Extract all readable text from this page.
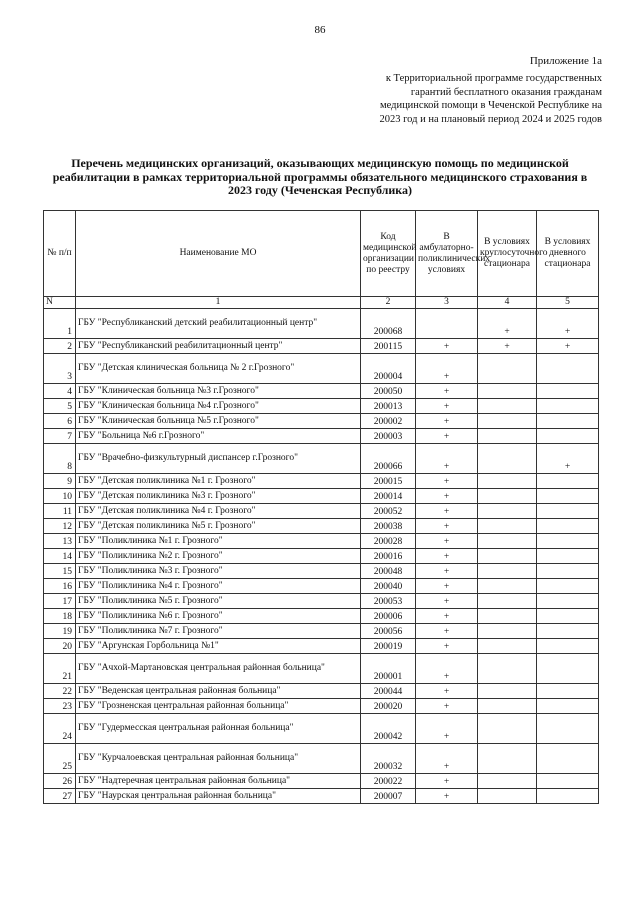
86
Приложение 1а
к Территориальной программе государственных
гарантий бесплатного оказания гражданам
медицинской помощи в Чеченской Республике на
2023 год и на плановый период 2024 и 2025 годов
Перечень медицинских организаций, оказывающих медицинскую помощь по медицинской реабилитации в рамках территориальной программы обязательного медицинского страхования в 2023 году (Чеченская Республика)
№ п/п	Наименование МО	Код медицинской организации по реестру	В амбулаторно-поликлинических условиях	В условиях круглосуточного стационара	В условиях дневного стационара
N	1	2	3	4	5
1	ГБУ "Республиканский детский реабилитационный центр"	200068		+	+
2	ГБУ "Республиканский реабилитационный центр"	200115	+	+	+
3	ГБУ "Детская клиническая больница № 2 г.Грозного"	200004	+		
4	ГБУ "Клиническая больница №3 г.Грозного"	200050	+		
5	ГБУ "Клиническая больница №4 г.Грозного"	200013	+		
6	ГБУ "Клиническая больница №5 г.Грозного"	200002	+		
7	ГБУ "Больница №6 г.Грозного"	200003	+		
8	ГБУ "Врачебно-физкультурный диспансер г.Грозного"	200066	+		+
9	ГБУ "Детская поликлиника №1 г. Грозного"	200015	+		
10	ГБУ "Детская поликлиника №3 г. Грозного"	200014	+		
11	ГБУ "Детская поликлиника №4 г. Грозного"	200052	+		
12	ГБУ "Детская поликлиника №5 г. Грозного"	200038	+		
13	ГБУ "Поликлиника №1 г. Грозного"	200028	+		
14	ГБУ "Поликлиника №2 г. Грозного"	200016	+		
15	ГБУ "Поликлиника №3 г. Грозного"	200048	+		
16	ГБУ "Поликлиника №4 г. Грозного"	200040	+		
17	ГБУ "Поликлиника №5 г. Грозного"	200053	+		
18	ГБУ "Поликлиника №6 г. Грозного"	200006	+		
19	ГБУ "Поликлиника №7 г. Грозного"	200056	+		
20	ГБУ "Аргунская Горбольница №1"	200019	+		
21	ГБУ "Ачхой-Мартановская центральная районная больница"	200001	+		
22	ГБУ "Веденская центральная районная больница"	200044	+		
23	ГБУ "Грозненская центральная районная больница"	200020	+		
24	ГБУ "Гудермесская центральная районная больница"	200042	+		
25	ГБУ "Курчалоевская центральная районная больница"	200032	+		
26	ГБУ "Надтеречная центральная районная больница"	200022	+		
27	ГБУ "Наурская центральная районная больница"	200007	+		
